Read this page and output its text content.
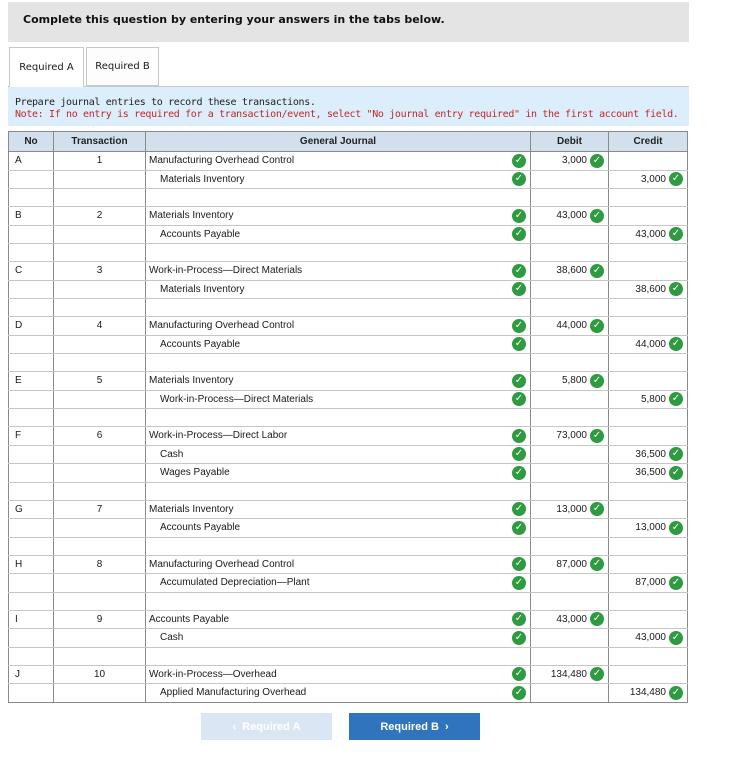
Complete this question by entering your answers in the tabs below.
Required A Required B
Prepare journal entries to record these transactions.
Note: If no entry is required for a transaction/event, select "No journal entry required" in the first account field.
No	Transaction	General Journal	Debit	Credit
A	1	Manufacturing Overhead Control ✓	3,000 ✓	

		Materials Inventory ✓		3,000 ✓

B	2	Materials Inventory ✓	43,000 ✓	

		Accounts Payable ✓		43,000 ✓

C	3	Work-in-Process—Direct Materials ✓	38,600 ✓	

		Materials Inventory ✓		38,600 ✓

D	4	Manufacturing Overhead Control ✓	44,000 ✓	

		Accounts Payable ✓		44,000 ✓

E	5	Materials Inventory ✓	5,800 ✓	

		Work-in-Process—Direct Materials ✓		5,800 ✓

F	6	Work-in-Process—Direct Labor ✓	73,000 ✓	

		Cash ✓		36,500 ✓

		Wages Payable ✓		36,500 ✓

G	7	Materials Inventory ✓	13,000 ✓	

		Accounts Payable ✓		13,000 ✓

H	8	Manufacturing Overhead Control ✓	87,000 ✓	

		Accumulated Depreciation—Plant ✓		87,000 ✓

I	9	Accounts Payable ✓	43,000 ✓	

		Cash ✓		43,000 ✓

J	10	Work-in-Process—Overhead ✓	134,480 ✓	

		Applied Manufacturing Overhead ✓		134,480 ✓
‹ Required A	Required B ›
